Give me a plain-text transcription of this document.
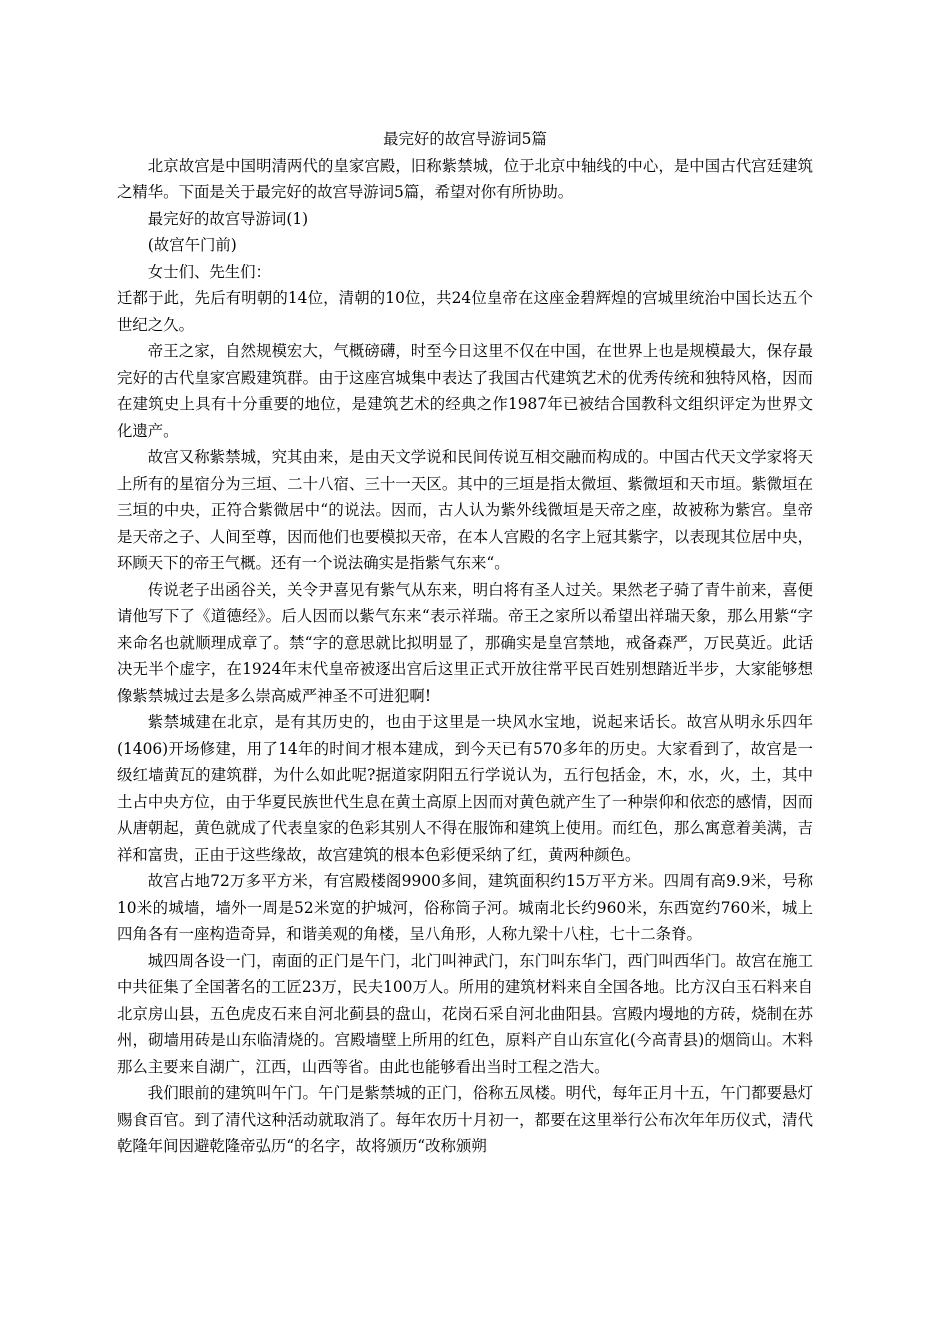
最完好的故宫导游词5篇

北京故宫是中国明清两代的皇家宫殿，旧称紫禁城，位于北京中轴线的中心，是中国古代宫廷建筑之精华。下面是关于最完好的故宫导游词5篇，希望对你有所协助。

最完好的故宫导游词(1)

(故宫午门前)

女士们、先生们：

迁都于此，先后有明朝的14位，清朝的10位，共24位皇帝在这座金碧辉煌的宫城里统治中国长达五个世纪之久。

帝王之家，自然规模宏大，气概磅礴，时至今日这里不仅在中国，在世界上也是规模最大，保存最完好的古代皇家宫殿建筑群。由于这座宫城集中表达了我国古代建筑艺术的优秀传统和独特风格，因而在建筑史上具有十分重要的地位，是建筑艺术的经典之作1987年已被结合国教科文组织评定为世界文化遗产。

故宫又称紫禁城，究其由来，是由天文学说和民间传说互相交融而构成的。中国古代天文学家将天上所有的星宿分为三垣、二十八宿、三十一天区。其中的三垣是指太微垣、紫微垣和天市垣。紫微垣在三垣的中央，正符合紫微居中“的说法。因而，古人认为紫外线微垣是天帝之座，故被称为紫宫。皇帝是天帝之子、人间至尊，因而他们也要模拟天帝，在本人宫殿的名字上冠其紫字，以表现其位居中央，环顾天下的帝王气概。还有一个说法确实是指紫气东来“。

传说老子出函谷关，关令尹喜见有紫气从东来，明白将有圣人过关。果然老子骑了青牛前来，喜便请他写下了《道德经》。后人因而以紫气东来“表示祥瑞。帝王之家所以希望出祥瑞天象，那么用紫“字来命名也就顺理成章了。禁“字的意思就比拟明显了，那确实是皇宫禁地，戒备森严，万民莫近。此话决无半个虚字，在1924年末代皇帝被逐出宫后这里正式开放往常平民百姓别想踏近半步，大家能够想像紫禁城过去是多么崇高威严神圣不可进犯啊!

紫禁城建在北京，是有其历史的，也由于这里是一块风水宝地，说起来话长。故宫从明永乐四年(1406)开场修建，用了14年的时间才根本建成，到今天已有570多年的历史。大家看到了，故宫是一级红墙黄瓦的建筑群，为什么如此呢?据道家阴阳五行学说认为，五行包括金，木，水，火，土，其中土占中央方位，由于华夏民族世代生息在黄土高原上因而对黄色就产生了一种崇仰和依恋的感情，因而从唐朝起，黄色就成了代表皇家的色彩其别人不得在服饰和建筑上使用。而红色，那么寓意着美满，吉祥和富贵，正由于这些缘故，故宫建筑的根本色彩便采纳了红，黄两种颜色。

故宫占地72万多平方米，有宫殿楼阁9900多间，建筑面积约15万平方米。四周有高9.9米，号称10米的城墙，墙外一周是52米宽的护城河，俗称筒子河。城南北长约960米，东西宽约760米，城上四角各有一座构造奇异，和谐美观的角楼，呈八角形，人称九梁十八柱，七十二条脊。

城四周各设一门，南面的正门是午门，北门叫神武门，东门叫东华门，西门叫西华门。故宫在施工中共征集了全国著名的工匠23万，民夫100万人。所用的建筑材料来自全国各地。比方汉白玉石料来自北京房山县，五色虎皮石来自河北蓟县的盘山，花岗石采自河北曲阳县。宫殿内墁地的方砖，烧制在苏州，砌墙用砖是山东临清烧的。宫殿墙壁上所用的红色，原料产自山东宣化(今高青县)的烟筒山。木料那么主要来自湖广，江西，山西等省。由此也能够看出当时工程之浩大。

我们眼前的建筑叫午门。午门是紫禁城的正门，俗称五凤楼。明代，每年正月十五，午门都要悬灯赐食百官。到了清代这种活动就取消了。每年农历十月初一，都要在这里举行公布次年年历仪式，清代乾隆年间因避乾隆帝弘历“的名字，故将颁历“改称颁朔
